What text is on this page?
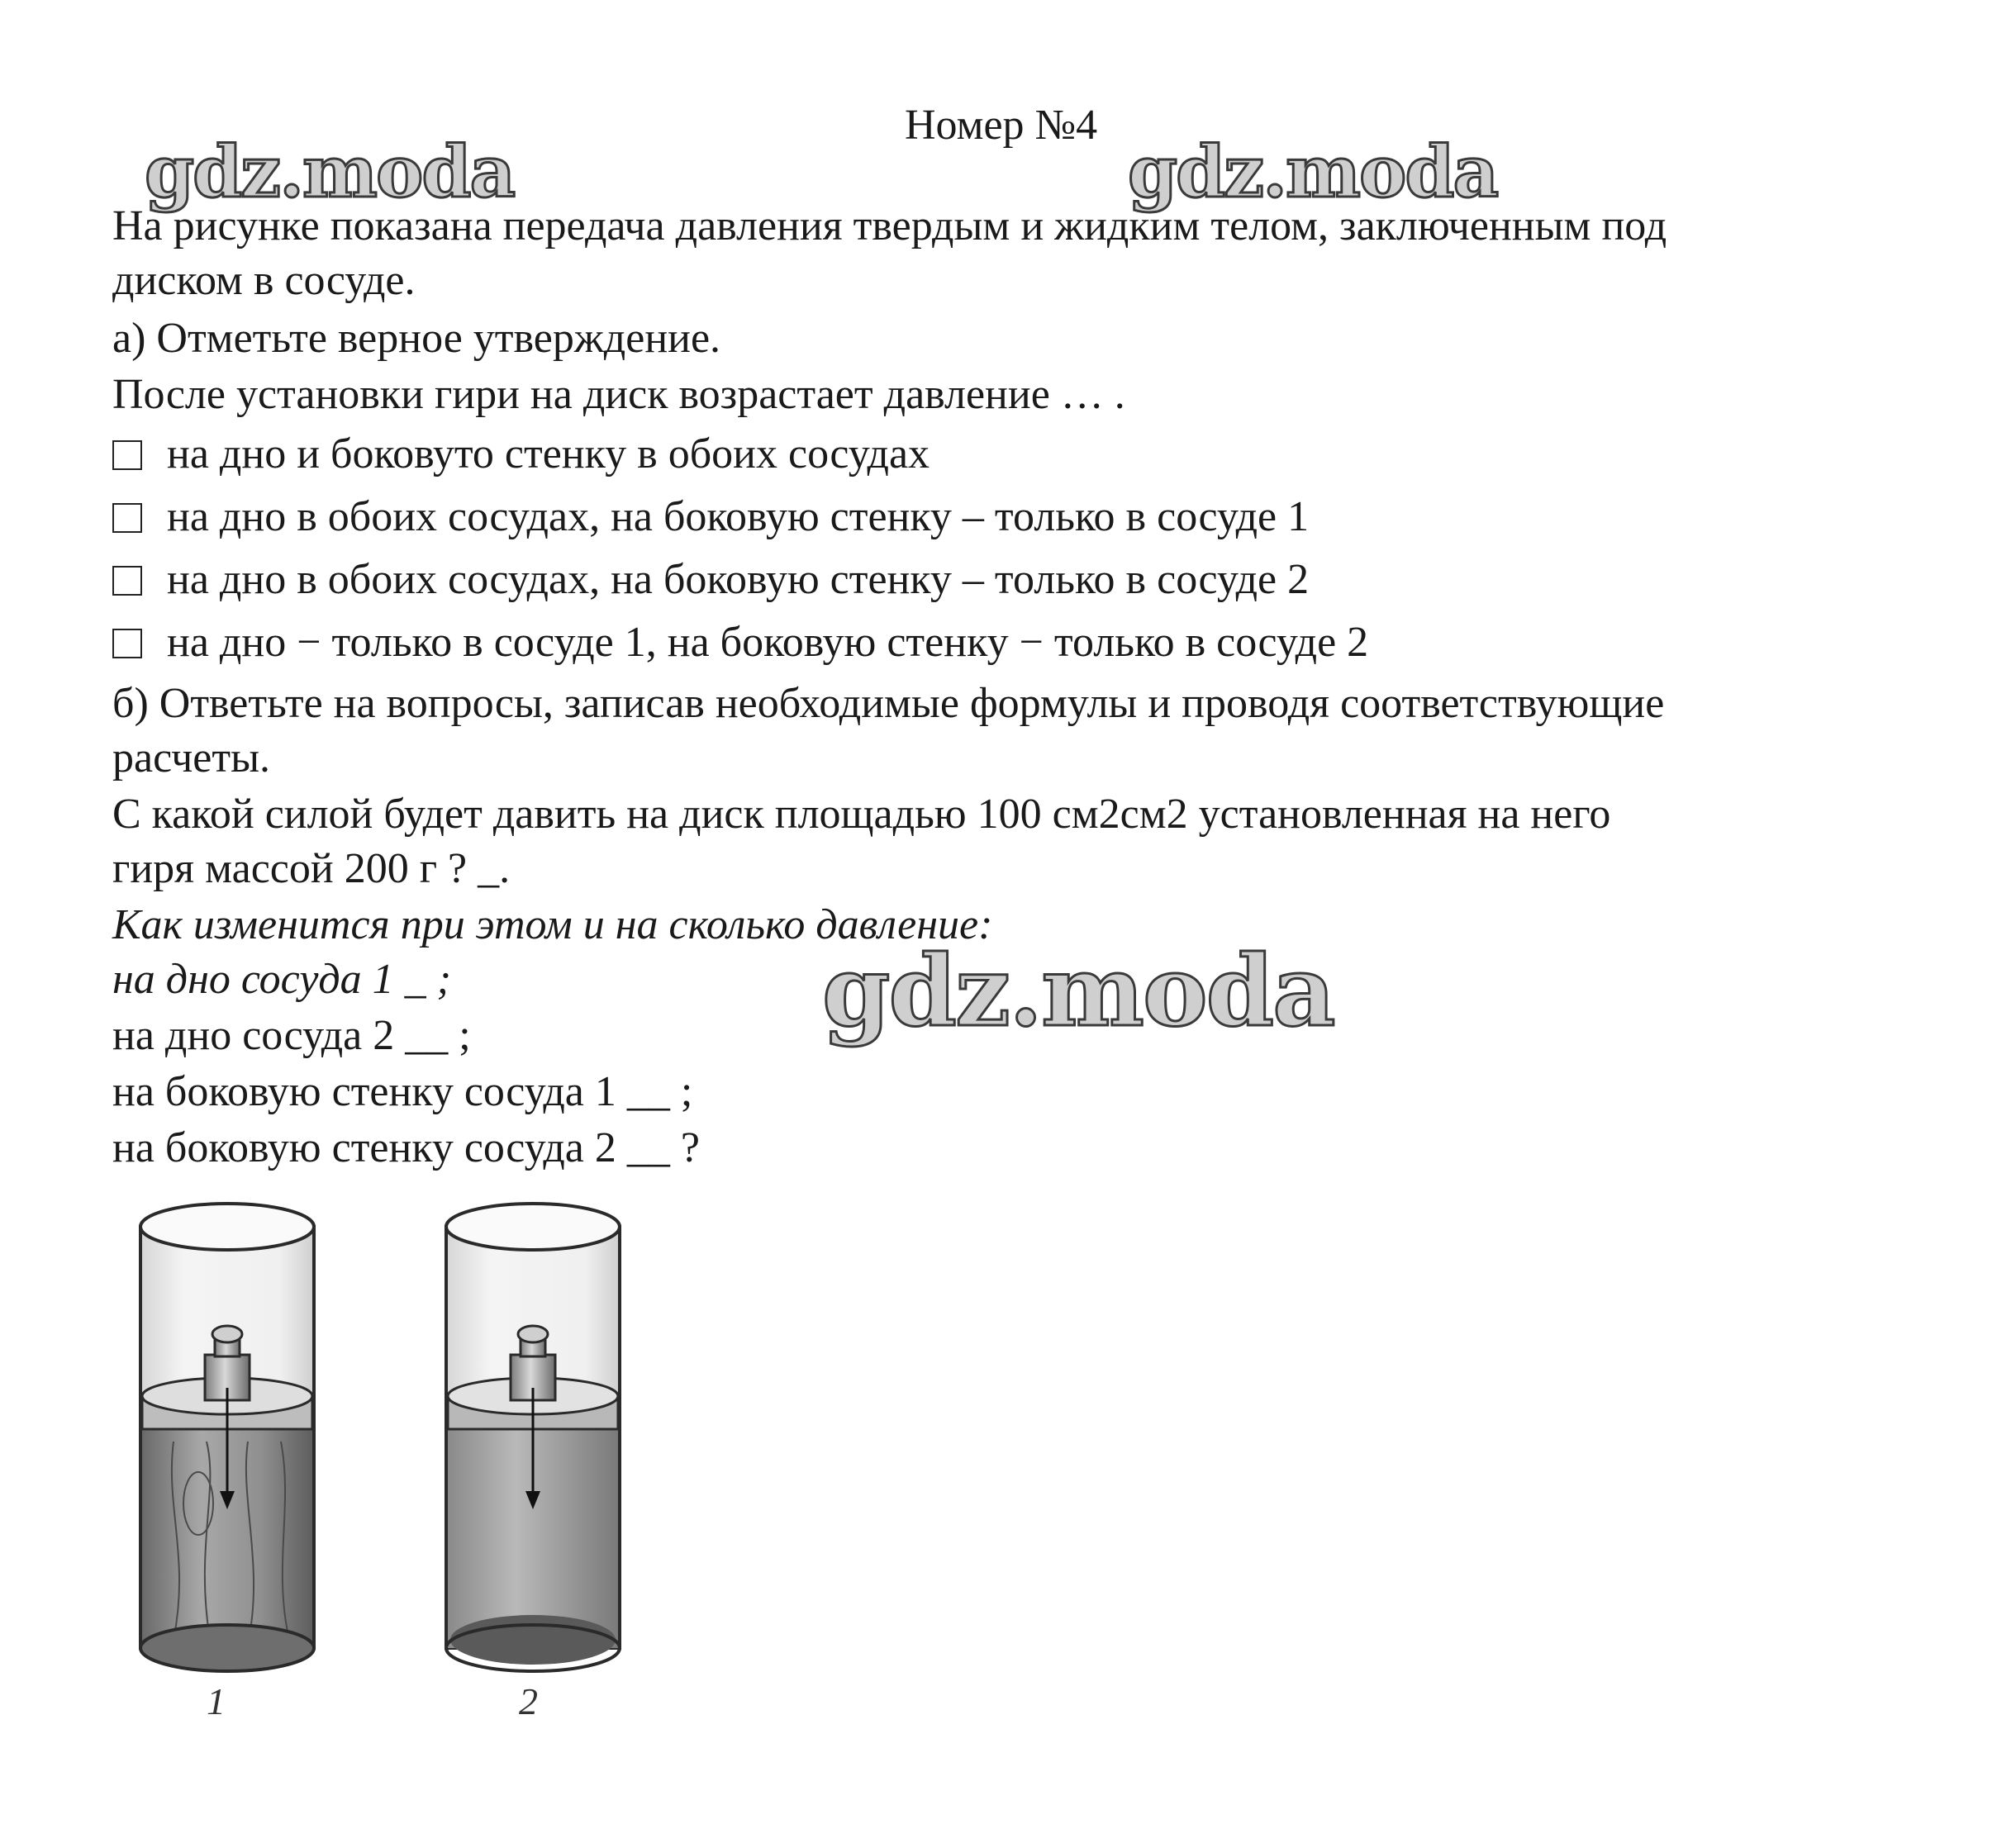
Номер №4
gdz.moda	gdz.moda
gdz.moda
На рисунке показана передача давления твердым и жидким телом, заключенным под
диском в сосуде.
а) Отметьте верное утверждение.
После установки гири на диск возрастает давление … .
на дно и боковуто стенку в обоих сосудах
на дно в обоих сосудах, на боковую стенку – только в сосуде 1
на дно в обоих сосудах, на боковую стенку – только в сосуде 2
на дно − только в сосуде 1, на боковую стенку − только в сосуде 2
б) Ответьте на вопросы, записав необходимые формулы и проводя соответствующие
расчеты.
С какой силой будет давить на диск площадью 100 см2см2 установленная на него
гиря массой 200 г ? _.
Как изменится при этом и на сколько давление:
на дно сосуда 1 _ ;
на дно сосуда 2 __ ;
на боковую стенку сосуда 1 __ ;
на боковую стенку сосуда 2 __ ?
1	2
